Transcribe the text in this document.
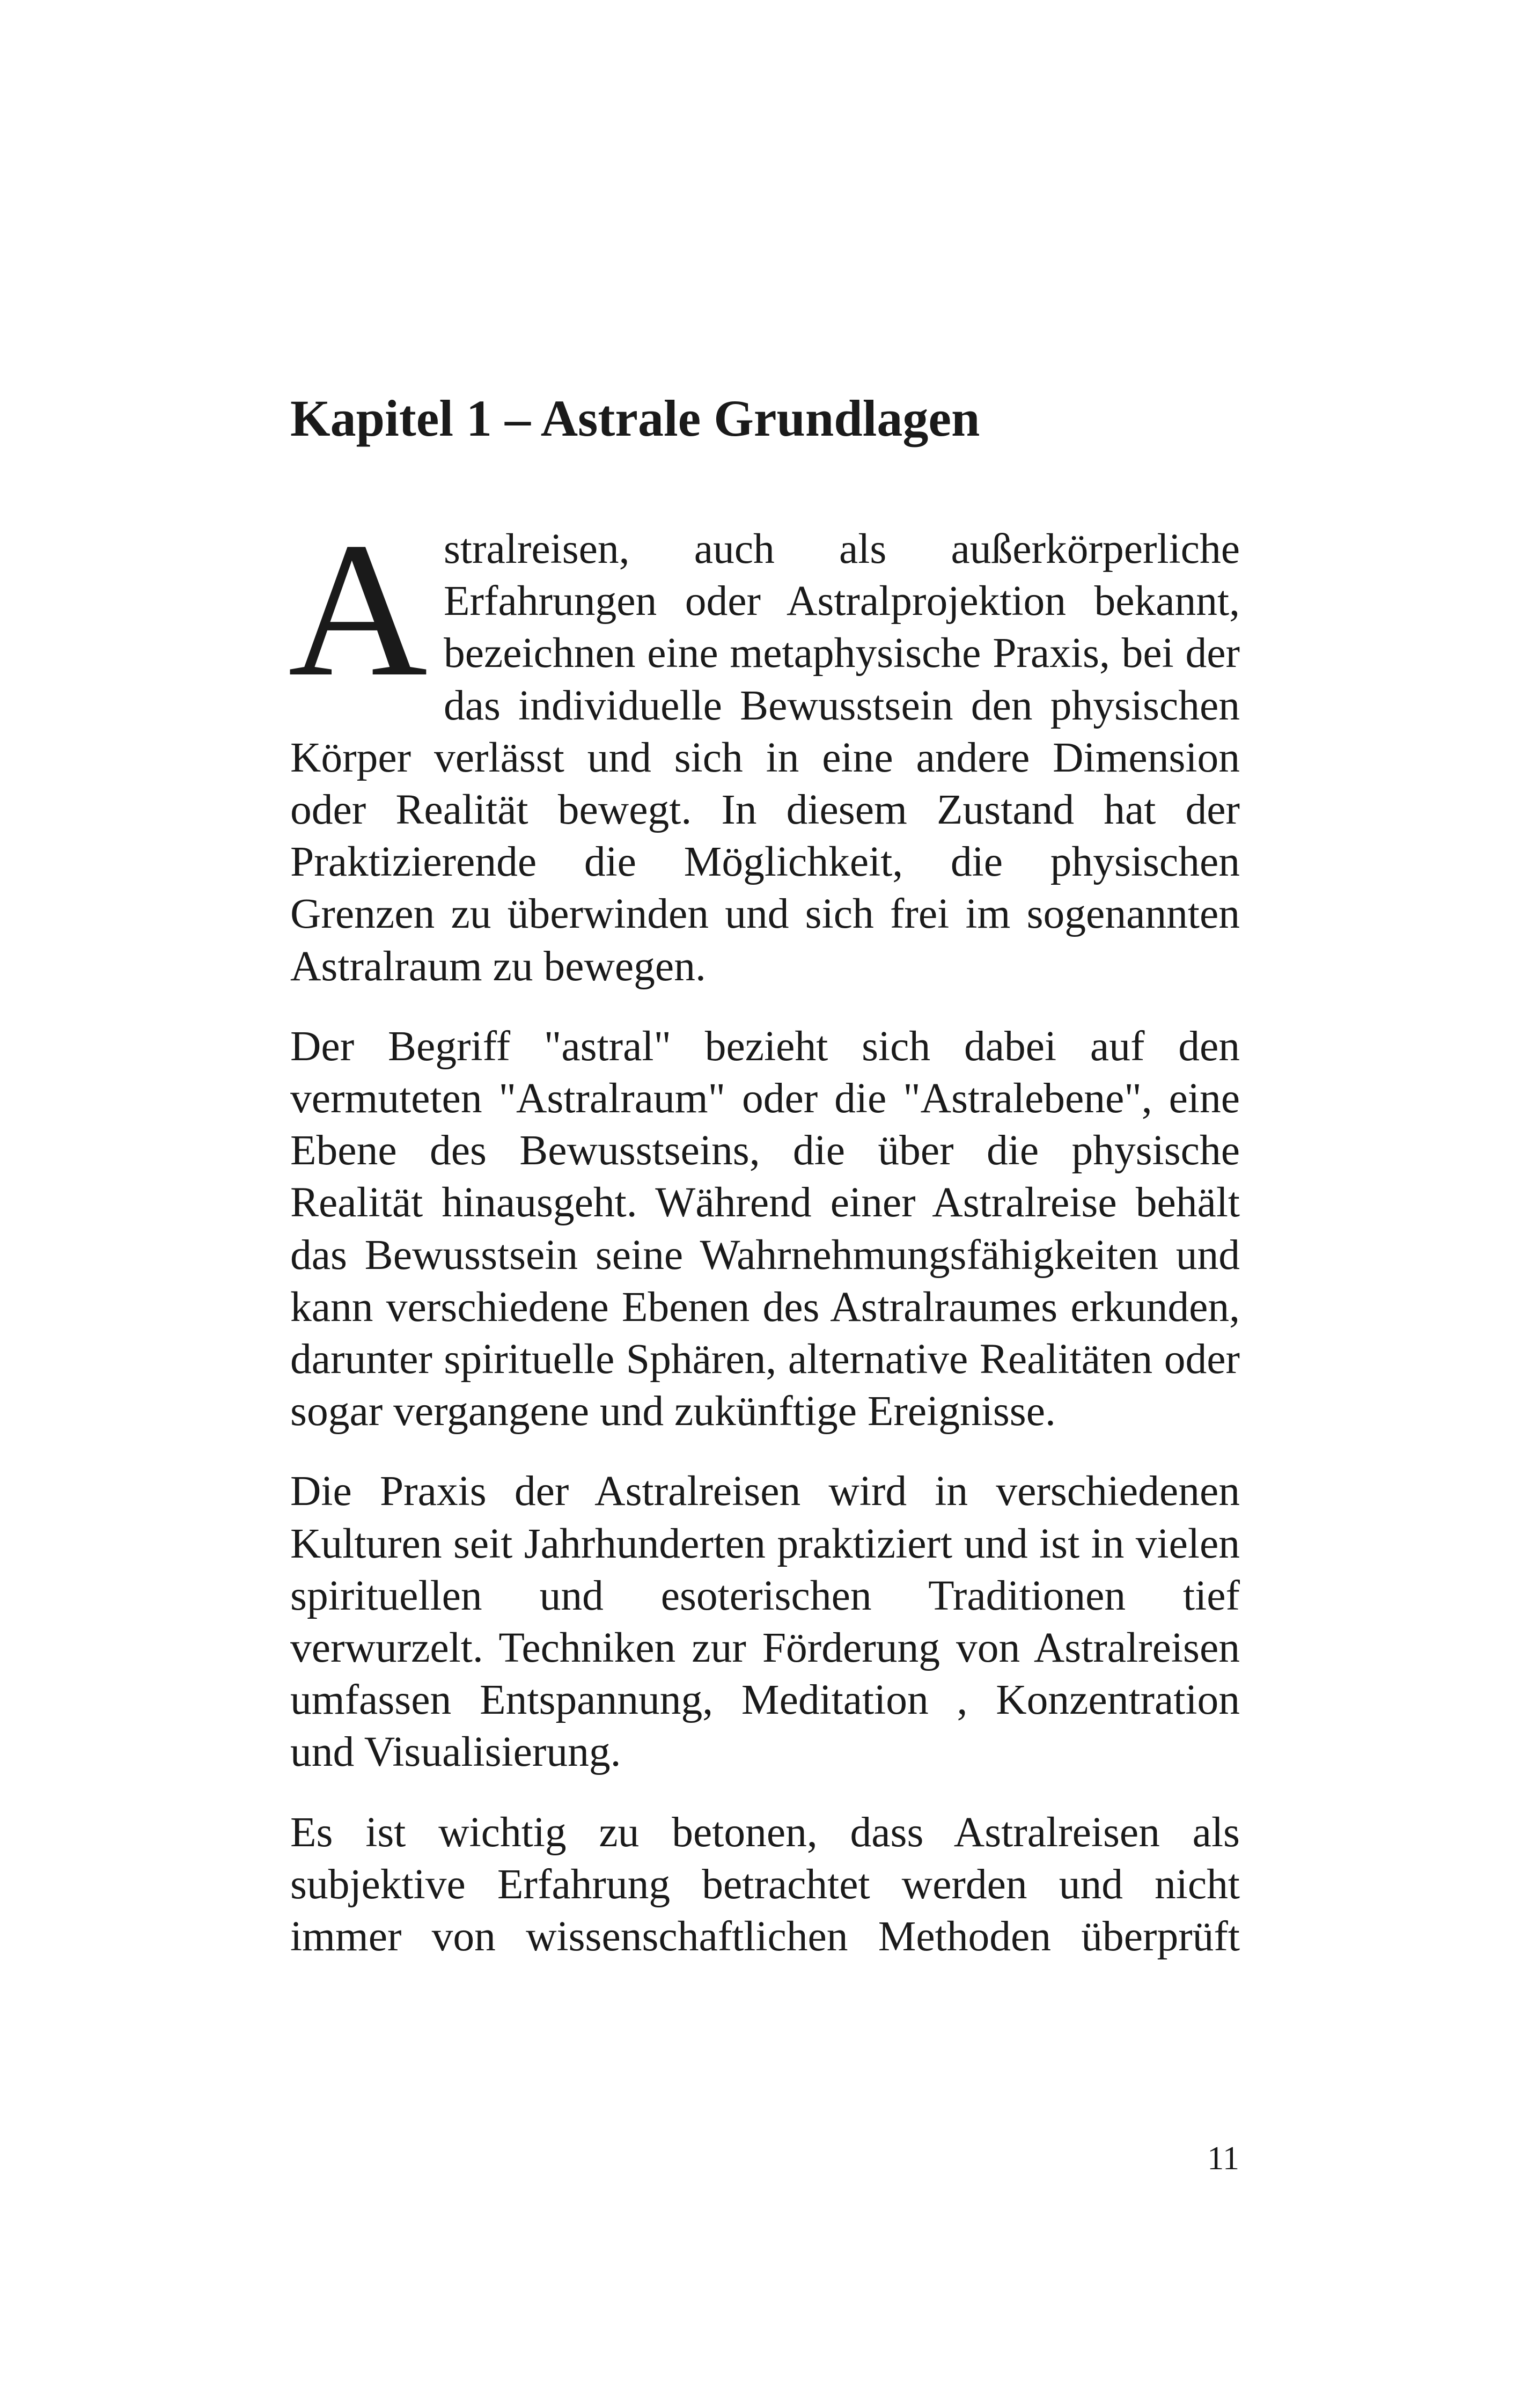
Kapitel 1 – Astrale Grundlagen

Astralreisen, auch als außerkörperliche Erfahrungen oder Astralprojektion bekannt, bezeichnen eine metaphysische Praxis, bei der das individuelle Bewusstsein den physischen Körper verlässt und sich in eine andere Dimension oder Realität bewegt. In diesem Zustand hat der Praktizierende die Möglichkeit, die physischen Grenzen zu überwinden und sich frei im sogenannten Astralraum zu bewegen.

Der Begriff "astral" bezieht sich dabei auf den vermuteten "Astralraum" oder die "Astralebene", eine Ebene des Bewusstseins, die über die physische Realität hinausgeht. Während einer Astralreise behält das Bewusstsein seine Wahrnehmungsfähigkeiten und kann verschiedene Ebenen des Astralraumes erkunden, darunter spirituelle Sphären, alternative Realitäten oder sogar vergangene und zukünftige Ereignisse.

Die Praxis der Astralreisen wird in verschiedenen Kulturen seit Jahrhunderten praktiziert und ist in vielen spirituellen und esoterischen Traditionen tief verwurzelt. Techniken zur Förderung von Astralreisen umfassen Entspannung, Meditation , Konzentration und Visualisierung.

Es ist wichtig zu betonen, dass Astralreisen als subjektive Erfahrung betrachtet werden und nicht immer von wissenschaftlichen Methoden überprüft

11
